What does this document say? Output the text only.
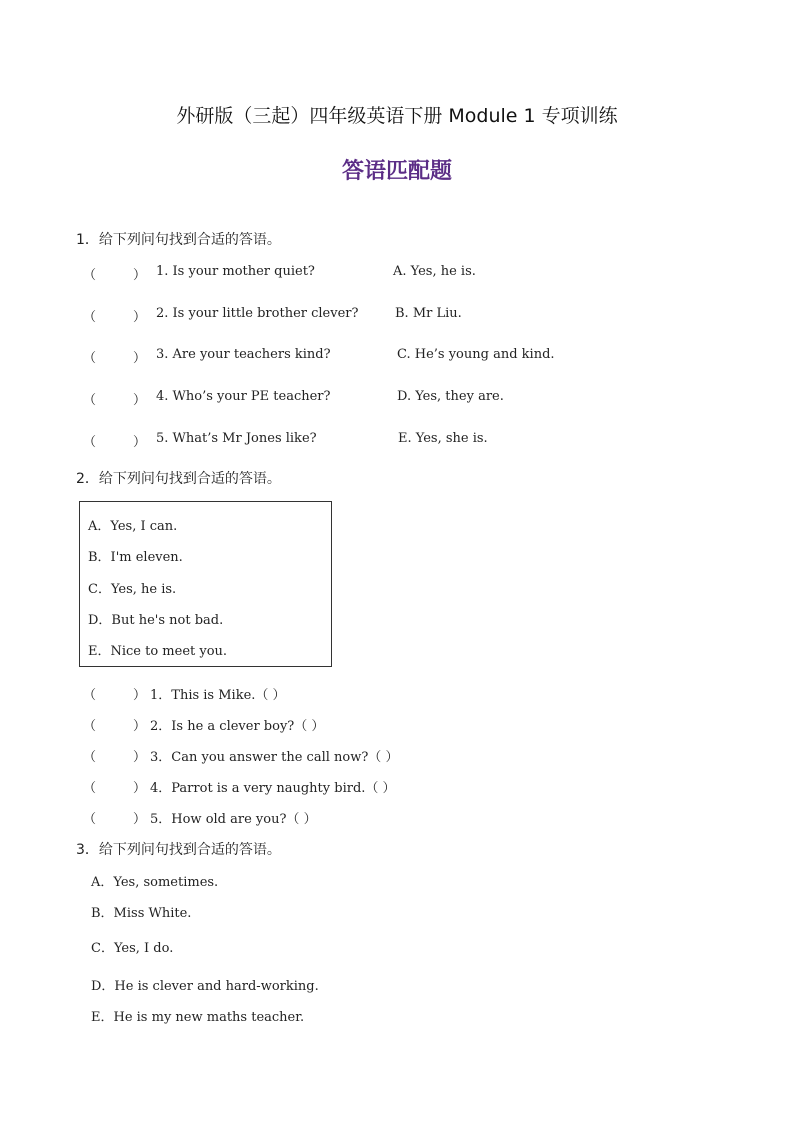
外研版（三起）四年级英语下册 Module 1 专项训练
答语匹配题
1．给下列问句找到合适的答语。
（	） 1. Is your mother quiet?	A. Yes, he is.
（	） 2. Is your little brother clever?	B. Mr Liu.
（	） 3. Are your teachers kind?	C. He’s young and kind.
（	） 4. Who’s your PE teacher?	D. Yes, they are.
（	） 5. What’s Mr Jones like?	E. Yes, she is.
2．给下列问句找到合适的答语。
A．Yes, I can.
B．I'm eleven.
C．Yes, he is.
D．But he's not bad.
E．Nice to meet you.
（	） 1．This is Mike.（ ）
（	） 2．Is he a clever boy?（ ）
（	） 3．Can you answer the call now?（ ）
（	） 4．Parrot is a very naughty bird.（ ）
（	） 5．How old are you?（ ）
3．给下列问句找到合适的答语。
A．Yes, sometimes.
B．Miss White.
C．Yes, I do.
D．He is clever and hard-working.
E．He is my new maths teacher.
